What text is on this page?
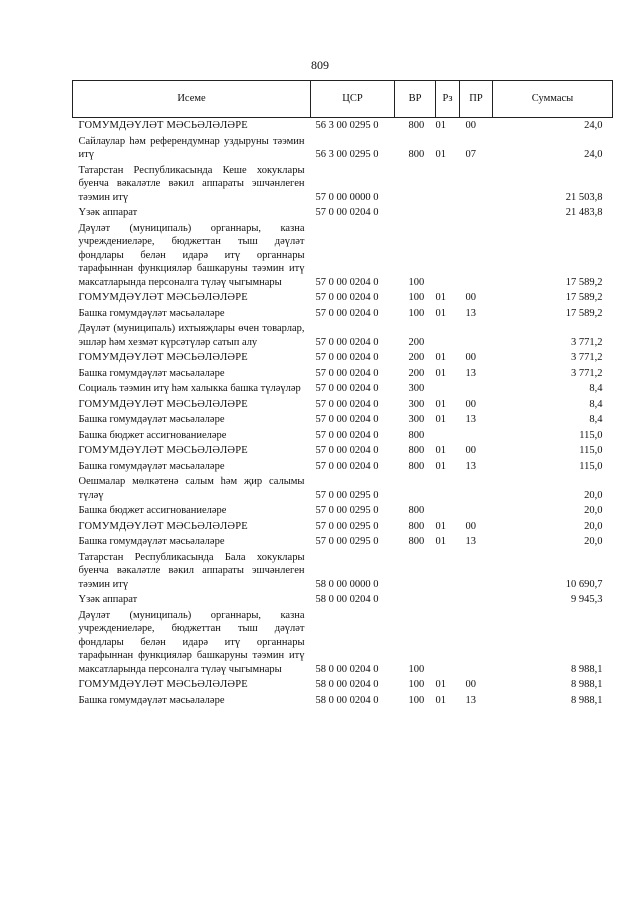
809
Исеме	ЦСР	ВР	Рз	ПР	Суммасы
ГОМУМДӘҮЛӘТ МӘСЬӘЛӘЛӘРЕ	56 3 00 0295 0	800	01	00	24,0
Сайлаулар һәм референдумнар уздыруны тәэмин итү	56 3 00 0295 0	800	01	07	24,0
Татарстан Республикасында Кеше хокуклары буенча вәкаләтле вәкил аппараты эшчәнлеген тәэмин итү	57 0 00 0000 0				21 503,8
Үзәк аппарат	57 0 00 0204 0				21 483,8
Дәүләт (муниципаль) органнары, казна учреждениеләре, бюджеттан тыш дәүләт фондлары белән идарә итү органнары тарафыннан функцияләр башкаруны тәэмин итү максатларында персоналга түләү чыгымнары	57 0 00 0204 0	100			17 589,2
ГОМУМДӘҮЛӘТ МӘСЬӘЛӘЛӘРЕ	57 0 00 0204 0	100	01	00	17 589,2
Башка гомумдәүләт мәсьәләләре	57 0 00 0204 0	100	01	13	17 589,2
Дәүләт (муниципаль) ихтыяҗлары өчен товарлар, эшләр һәм хезмәт күрсәтүләр сатып алу	57 0 00 0204 0	200			3 771,2
ГОМУМДӘҮЛӘТ МӘСЬӘЛӘЛӘРЕ	57 0 00 0204 0	200	01	00	3 771,2
Башка гомумдәүләт мәсьәләләре	57 0 00 0204 0	200	01	13	3 771,2
Социаль тәэмин итү һәм халыкка башка түләүләр	57 0 00 0204 0	300			8,4
ГОМУМДӘҮЛӘТ МӘСЬӘЛӘЛӘРЕ	57 0 00 0204 0	300	01	00	8,4
Башка гомумдәүләт мәсьәләләре	57 0 00 0204 0	300	01	13	8,4
Башка бюджет ассигнованиеләре	57 0 00 0204 0	800			115,0
ГОМУМДӘҮЛӘТ МӘСЬӘЛӘЛӘРЕ	57 0 00 0204 0	800	01	00	115,0
Башка гомумдәүләт мәсьәләләре	57 0 00 0204 0	800	01	13	115,0
Оешмалар мөлкәтенә салым һәм җир салымы түләү	57 0 00 0295 0				20,0
Башка бюджет ассигнованиеләре	57 0 00 0295 0	800			20,0
ГОМУМДӘҮЛӘТ МӘСЬӘЛӘЛӘРЕ	57 0 00 0295 0	800	01	00	20,0
Башка гомумдәүләт мәсьәләләре	57 0 00 0295 0	800	01	13	20,0
Татарстан Республикасында Бала хокуклары буенча вәкаләтле вәкил аппараты эшчәнлеген тәэмин итү	58 0 00 0000 0				10 690,7
Үзәк аппарат	58 0 00 0204 0				9 945,3
Дәүләт (муниципаль) органнары, казна учреждениеләре, бюджеттан тыш дәүләт фондлары белән идарә итү органнары тарафыннан функцияләр башкаруны тәэмин итү максатларында персоналга түләү чыгымнары	58 0 00 0204 0	100			8 988,1
ГОМУМДӘҮЛӘТ МӘСЬӘЛӘЛӘРЕ	58 0 00 0204 0	100	01	00	8 988,1
Башка гомумдәүләт мәсьәләләре	58 0 00 0204 0	100	01	13	8 988,1
